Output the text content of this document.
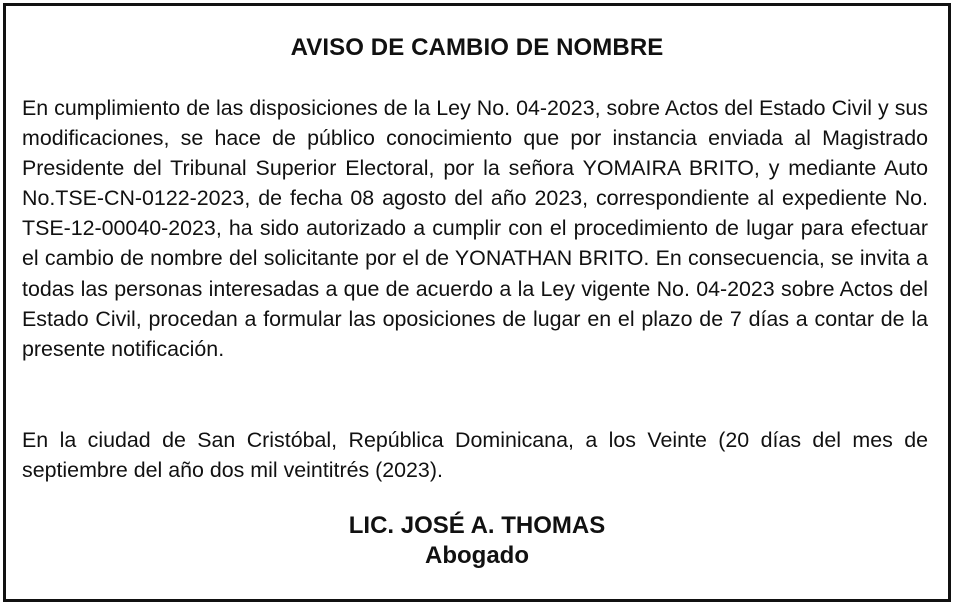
AVISO DE CAMBIO DE NOMBRE

En cumplimiento de las disposiciones de la Ley No. 04-2023, sobre Actos del Estado Civil y sus modificaciones, se hace de público conocimiento que por instancia enviada al Magistrado Presidente del Tribunal Superior Electoral, por la señora YOMAIRA BRITO, y mediante Auto No.TSE-CN-0122-2023, de fecha 08 agosto del año 2023, correspondiente al expediente No. TSE-12-00040-2023, ha sido autorizado a cumplir con el procedimiento de lugar para efectuar el cambio de nombre del solicitante por el de YONATHAN BRITO. En consecuencia, se invita a todas las personas interesadas a que de acuerdo a la Ley vigente No. 04-2023 sobre Actos del Estado Civil, procedan a formular las oposiciones de lugar en el plazo de 7 días a contar de la presente notificación.

En la ciudad de San Cristóbal, República Dominicana, a los Veinte (20 días del mes de septiembre del año dos mil veintitrés (2023).

LIC. JOSÉ A. THOMAS
Abogado
